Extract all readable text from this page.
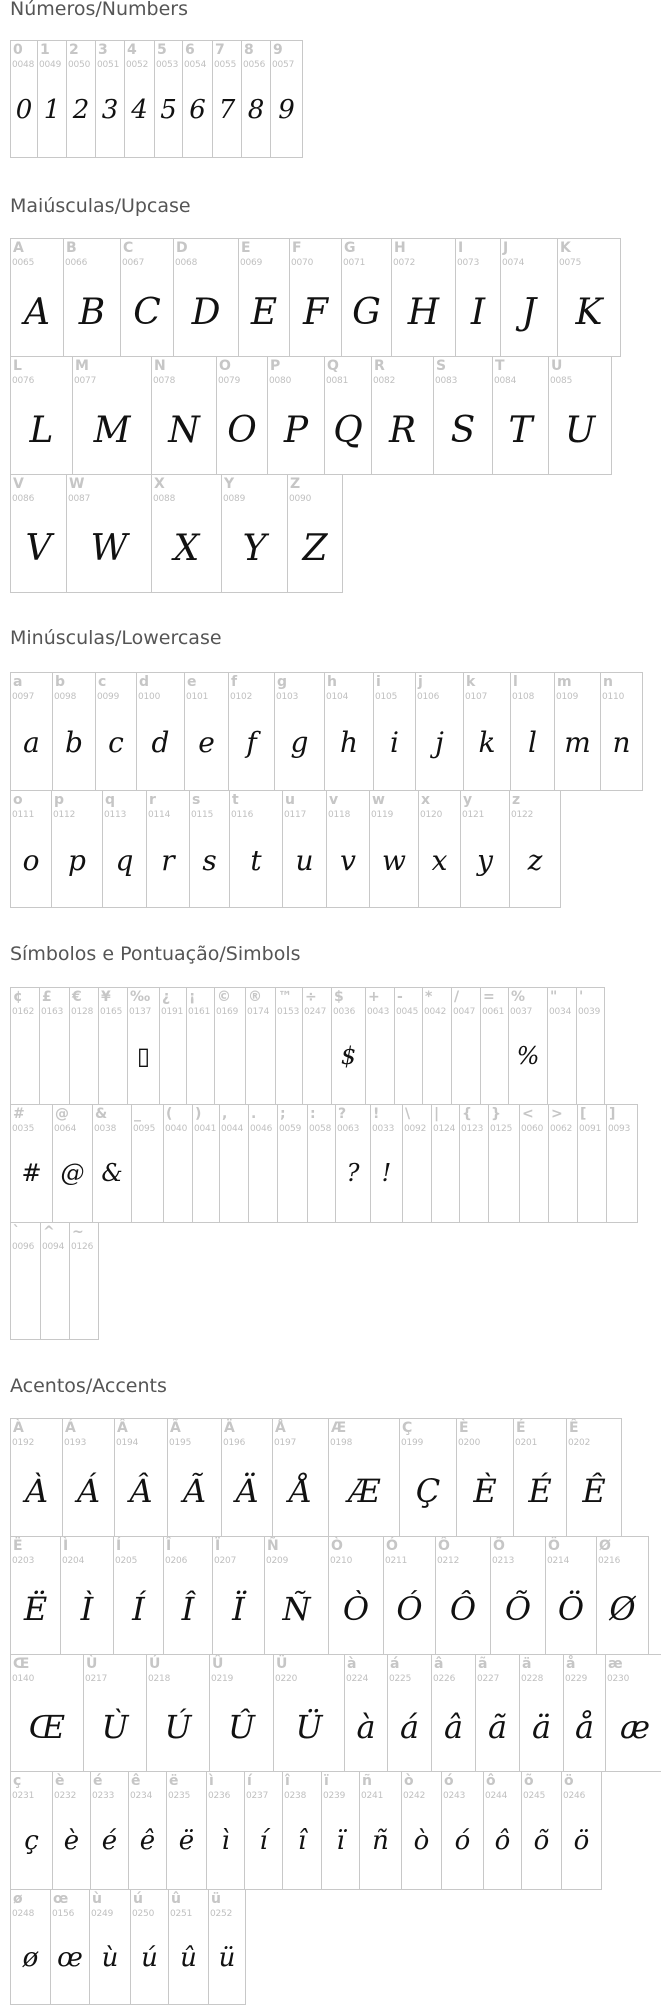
Números/Numbers
0
0048
0
1
0049
1
2
0050
2
3
0051
3
4
0052
4
5
0053
5
6
0054
6
7
0055
7
8
0056
8
9
0057
9
Maiúsculas/Upcase
A
0065
A
B
0066
B
C
0067
C
D
0068
D
E
0069
E
F
0070
F
G
0071
G
H
0072
H
I
0073
I
J
0074
J
K
0075
K
L
0076
L
M
0077
M
N
0078
N
O
0079
O
P
0080
P
Q
0081
Q
R
0082
R
S
0083
S
T
0084
T
U
0085
U
V
0086
V
W
0087
W
X
0088
X
Y
0089
Y
Z
0090
Z
Minúsculas/Lowercase
a
0097
a
b
0098
b
c
0099
c
d
0100
d
e
0101
e
f
0102
f
g
0103
g
h
0104
h
i
0105
i
j
0106
j
k
0107
k
l
0108
l
m
0109
m
n
0110
n
o
0111
o
p
0112
p
q
0113
q
r
0114
r
s
0115
s
t
0116
t
u
0117
u
v
0118
v
w
0119
w
x
0120
x
y
0121
y
z
0122
z
Símbolos e Pontuação/Simbols
¢
0162
£
0163
€
0128
¥
0165
‰
0137
▯
¿
0191
¡
0161
©
0169
®
0174
™
0153
÷
0247
$
0036
$
+
0043
-
0045
*
0042
/
0047
=
0061
%
0037
%
"
0034
'
0039
#
0035
#
@
0064
@
&
0038
&
_
0095
(
0040
)
0041
,
0044
.
0046
;
0059
:
0058
?
0063
?
!
0033
!
\
0092
|
0124
{
0123
}
0125
<
0060
>
0062
[
0091
]
0093
`
0096
^
0094
~
0126
Acentos/Accents
À
0192
À
Á
0193
Á
Â
0194
Â
Ã
0195
Ã
Ä
0196
Ä
Å
0197
Å
Æ
0198
Æ
Ç
0199
Ç
È
0200
È
É
0201
É
Ê
0202
Ê
Ë
0203
Ë
Ì
0204
Ì
Í
0205
Í
Î
0206
Î
Ï
0207
Ï
Ñ
0209
Ñ
Ò
0210
Ò
Ó
0211
Ó
Ô
0212
Ô
Õ
0213
Õ
Ö
0214
Ö
Ø
0216
Ø
Œ
0140
Œ
Ù
0217
Ù
Ú
0218
Ú
Û
0219
Û
Ü
0220
Ü
à
0224
à
á
0225
á
â
0226
â
ã
0227
ã
ä
0228
ä
å
0229
å
æ
0230
æ
ç
0231
ç
è
0232
è
é
0233
é
ê
0234
ê
ë
0235
ë
ì
0236
ì
í
0237
í
î
0238
î
ï
0239
ï
ñ
0241
ñ
ò
0242
ò
ó
0243
ó
ô
0244
ô
õ
0245
õ
ö
0246
ö
ø
0248
ø
œ
0156
œ
ù
0249
ù
ú
0250
ú
û
0251
û
ü
0252
ü
